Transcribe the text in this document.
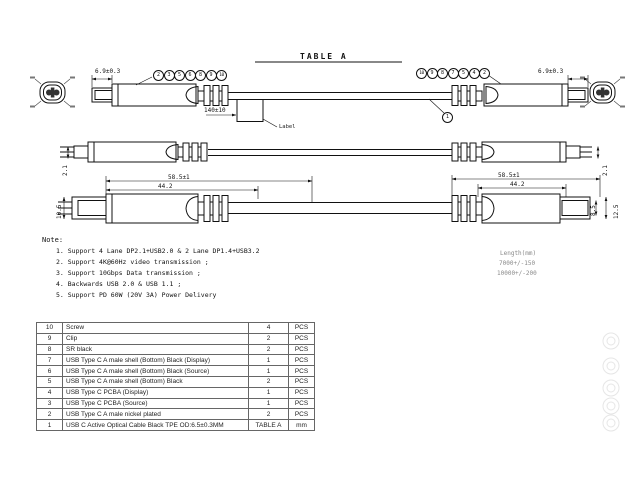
TABLE A
6.9±0.3	6.9±0.3
140±10
Label
2.1	2.1
58.5±1
44.2
58.5±1
44.2
10.5	8.5	12.5
2	3	5	6	8	9	10	10	9	8	7	5	4	2
1
Note:
1. Support 4 Lane DP2.1+USB2.0 & 2 Lane DP1.4+USB3.2
2. Support 4K@60Hz video transmission ;
3. Support 10Gbps Data transmission ;
4. Backwards USB 2.0 & USB 1.1 ;
5. Support PD 60W (20V 3A) Power Delivery
Length(mm)
7000+/-150
10000+/-200
10	Screw	4	PCS
9	Clip	2	PCS
8	SR black	2	PCS
7	USB Type C A male shell (Bottom) Black (Display)	1	PCS
6	USB Type C A male shell (Bottom) Black (Source)	1	PCS
5	USB Type C A male shell (Bottom) Black	2	PCS
4	USB Type C PCBA (Display)	1	PCS
3	USB Type C PCBA (Source)	1	PCS
2	USB Type C A male nickel plated	2	PCS
1	USB C Active Optical Cable Black TPE OD:6.5±0.3MM	TABLE A	mm
